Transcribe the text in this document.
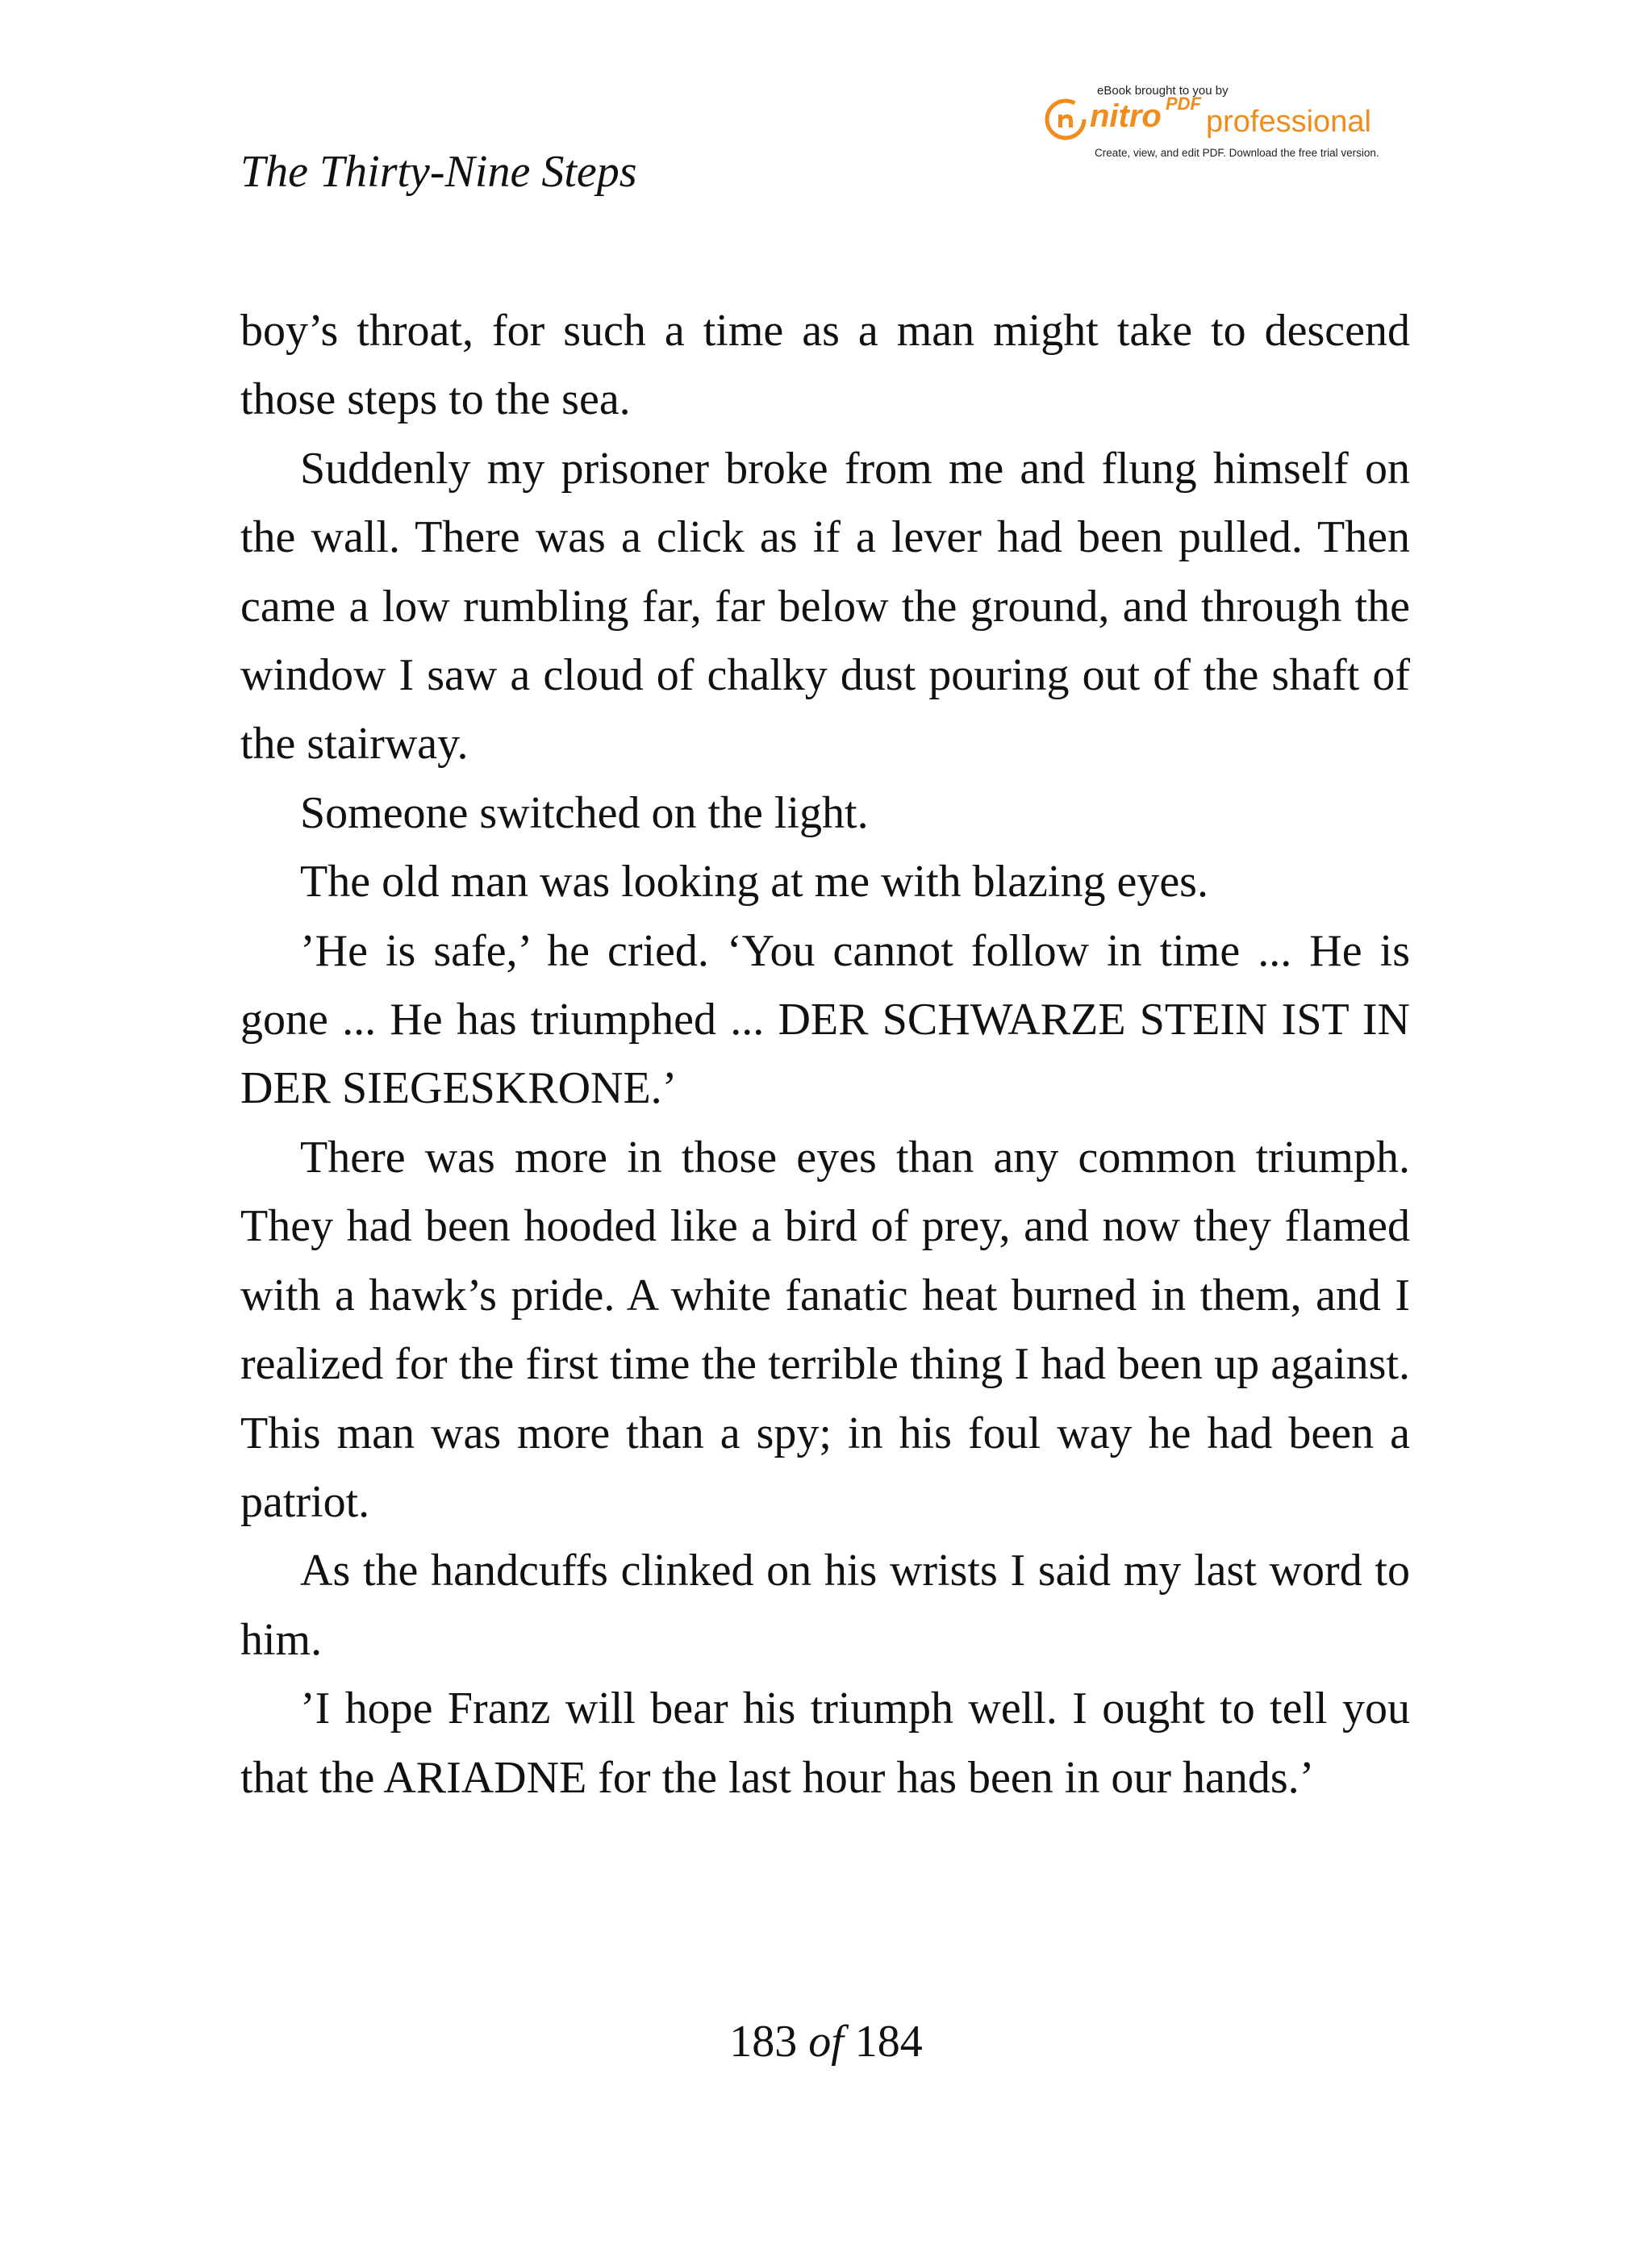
eBook brought to you by
nitro PDF
professional
Create, view, and edit PDF. Download the free trial version.
The Thirty-Nine Steps

boy’s throat, for such a time as a man might take to descend those steps to the sea.

Suddenly my prisoner broke from me and flung himself on the wall. There was a click as if a lever had been pulled. Then came a low rumbling far, far below the ground, and through the window I saw a cloud of chalky dust pouring out of the shaft of the stairway.

Someone switched on the light.

The old man was looking at me with blazing eyes.

’He is safe,’ he cried. ‘You cannot follow in time ... He is gone ... He has triumphed ... DER SCHWARZE STEIN IST IN DER SIEGESKRONE.’

There was more in those eyes than any common triumph. They had been hooded like a bird of prey, and now they flamed with a hawk’s pride. A white fanatic heat burned in them, and I realized for the first time the terrible thing I had been up against. This man was more than a spy; in his foul way he had been a patriot.

As the handcuffs clinked on his wrists I said my last word to him.

’I hope Franz will bear his triumph well. I ought to tell you that the ARIADNE for the last hour has been in our hands.’

183 of 184
